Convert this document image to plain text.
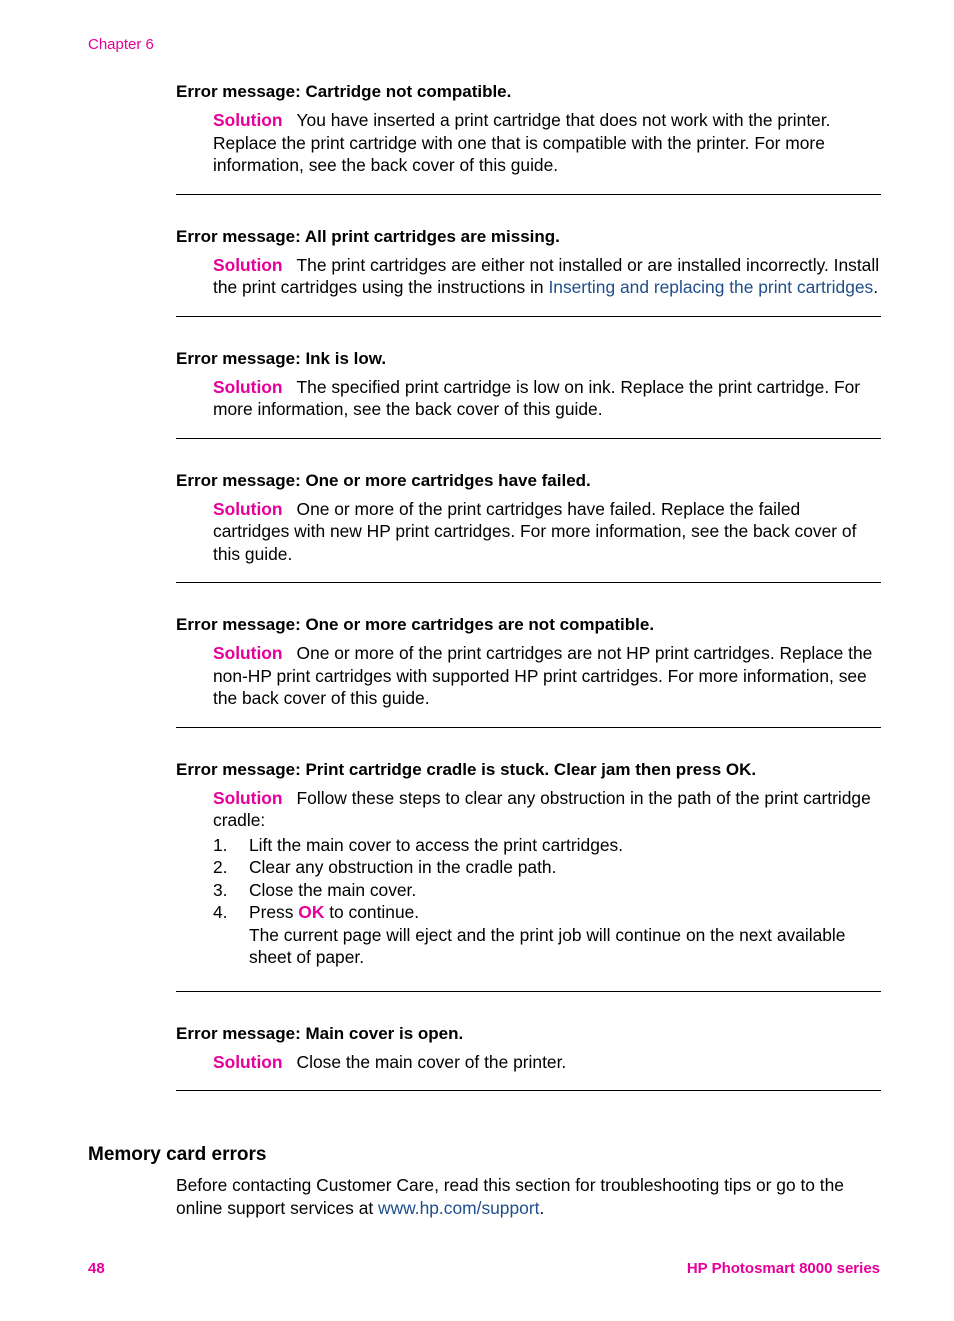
Chapter 6
Error message: Cartridge not compatible.
Solution You have inserted a print cartridge that does not work with the printer. Replace the print cartridge with one that is compatible with the printer. For more information, see the back cover of this guide.
Error message: All print cartridges are missing.
Solution The print cartridges are either not installed or are installed incorrectly. Install the print cartridges using the instructions in Inserting and replacing the print cartridges.
Error message: Ink is low.
Solution The specified print cartridge is low on ink. Replace the print cartridge. For more information, see the back cover of this guide.
Error message: One or more cartridges have failed.
Solution One or more of the print cartridges have failed. Replace the failed cartridges with new HP print cartridges. For more information, see the back cover of this guide.
Error message: One or more cartridges are not compatible.
Solution One or more of the print cartridges are not HP print cartridges. Replace the non-HP print cartridges with supported HP print cartridges. For more information, see the back cover of this guide.
Error message: Print cartridge cradle is stuck. Clear jam then press OK.
Solution Follow these steps to clear any obstruction in the path of the print cartridge cradle:
1. Lift the main cover to access the print cartridges.
2. Clear any obstruction in the cradle path.
3. Close the main cover.
4. Press OK to continue.
The current page will eject and the print job will continue on the next available sheet of paper.
Error message: Main cover is open.
Solution Close the main cover of the printer.
Memory card errors
Before contacting Customer Care, read this section for troubleshooting tips or go to the online support services at www.hp.com/support.
48	HP Photosmart 8000 series
